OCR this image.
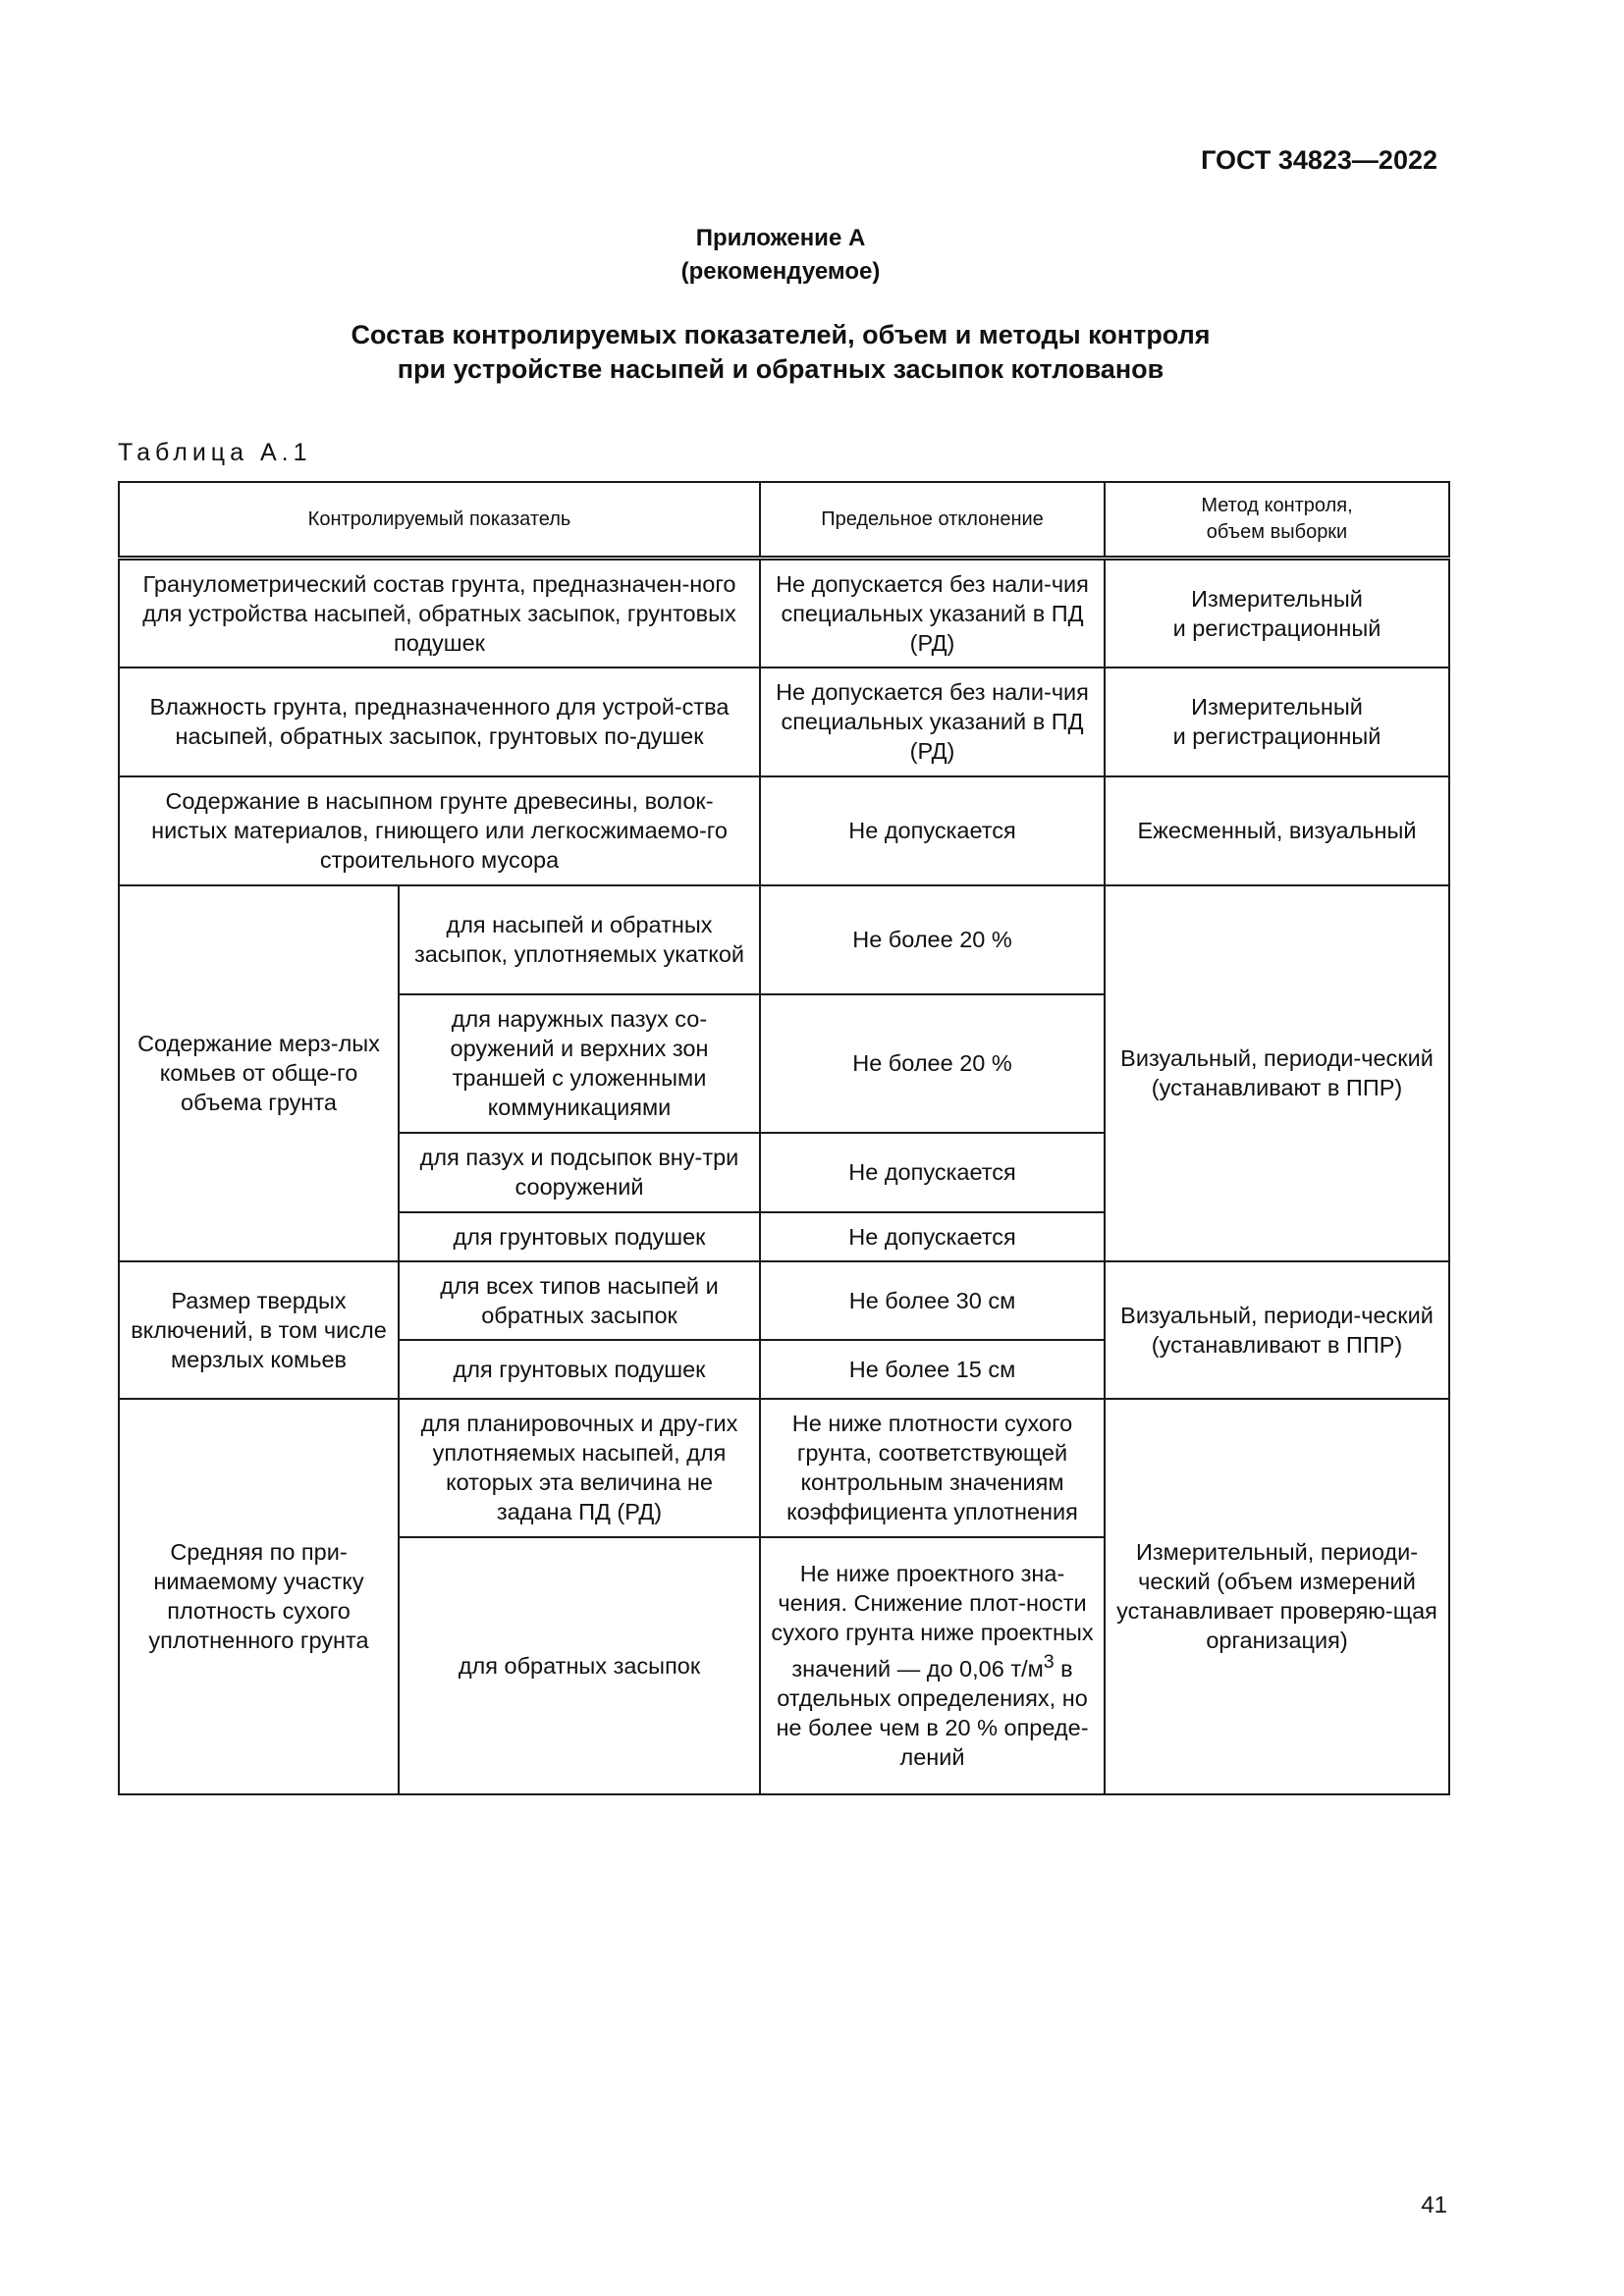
ГОСТ 34823—2022
Приложение А
(рекомендуемое)
Состав контролируемых показателей, объем и методы контроля
при устройстве насыпей и обратных засыпок котлованов
Таблица А.1
Контролируемый показатель		Предельное отклонение	Метод контроля,
объем выборки

Гранулометрический состав грунта, предназначен-ного для устройства насыпей, обратных засыпок, грунтовых подушек		Не допускается без нали-чия специальных указаний в ПД (РД)	Измерительный
и регистрационный

Влажность грунта, предназначенного для устрой-ства насыпей, обратных засыпок, грунтовых по-душек		Не допускается без нали-чия специальных указаний в ПД (РД)	Измерительный
и регистрационный

Содержание в насыпном грунте древесины, волок-нистых материалов, гниющего или легкосжимаемо-го строительного мусора		Не допускается	Ежесменный, визуальный
Содержание мерз-лых комьев от обще-го объема грунта	для насыпей и обратных засыпок, уплотняемых укаткой	Не более 20 %	Визуальный, периоди-ческий (устанавливают в ППР)
	для наружных пазух со-оружений и верхних зон траншей с уложенными коммуникациями	Не более 20 %	
	для пазух и подсыпок вну-три сооружений	Не допускается	
	для грунтовых подушек	Не допускается	
Размер твердых включений, в том числе мерзлых комьев	для всех типов насыпей и обратных засыпок	Не более 30 см	Визуальный, периоди-ческий (устанавливают в ППР)
	для грунтовых подушек	Не более 15 см	
Средняя по при-нимаемому участку плотность сухого уплотненного грунта	для планировочных и дру-гих уплотняемых насыпей, для которых эта величина не задана ПД (РД)	Не ниже плотности сухого грунта, соответствующей контрольным значениям коэффициента уплотнения	Измерительный, периоди-ческий (объем измерений устанавливает проверяю-щая организация)
	для обратных засыпок	Не ниже проектного зна-чения. Снижение плот-ности сухого грунта ниже проектных значений — до 0,06 $т/м^3$ в отдельных определениях, но не более чем в 20 % опреде-лений	
41
